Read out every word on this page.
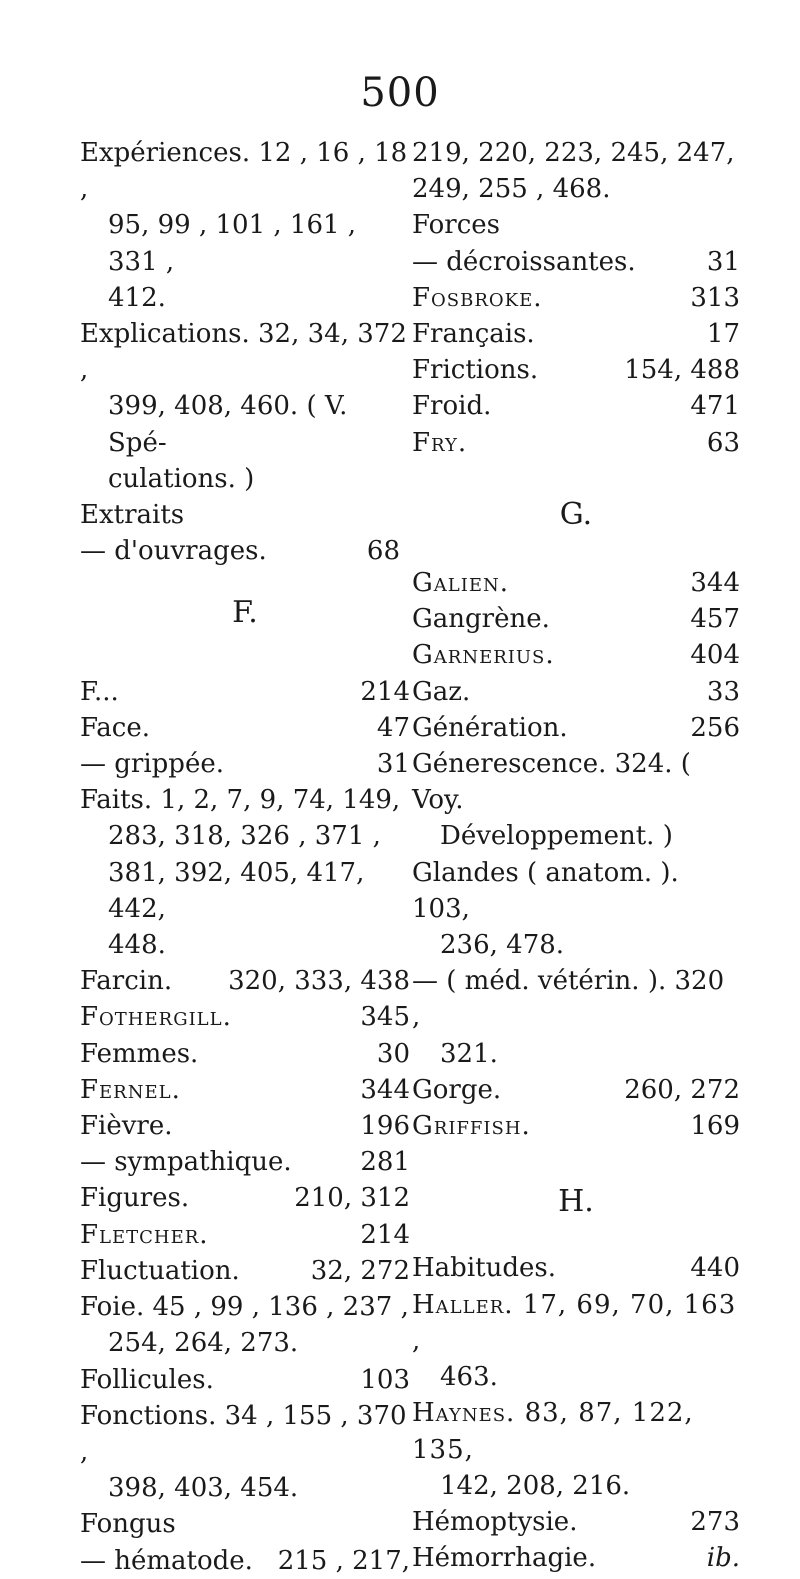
500
Expériences. 12 , 16 , 18 ,
95, 99 , 101 , 161 , 331 ,
412.
Explications. 32, 34, 372 ,
399, 408, 460. ( V. Spé-
culations. )
Extraits
— d'ouvrages.	68
F.
F...	214
Face.	47
— grippée.	31
Faits. 1, 2, 7, 9, 74, 149,
283, 318, 326 , 371 ,
381, 392, 405, 417, 442,
448.
Farcin. 320, 333, 438
Fothergill.	345
Femmes.	30
Fernel.	344
Fièvre.	196
— sympathique.	281
Figures.	210, 312
Fletcher.	214
Fluctuation.	32, 272
Foie. 45 , 99 , 136 , 237 ,
254, 264, 273.
Follicules.	103
Fonctions. 34 , 155 , 370 ,
398, 403, 454.
Fongus
— hématode. 215 , 217,
219, 220, 223, 245, 247,
249, 255 , 468.
Forces
— décroissantes.	31
Fosbroke.	313
Français.	17
Frictions.	154, 488
Froid.	471
Fry.	63
G.
Galien.	344
Gangrène.	457
Garnerius.	404
Gaz.	33
Génération.	256
Génerescence. 324. ( Voy.
Développement. )
Glandes ( anatom. ). 103,
236, 478.
— ( méd. vétérin. ). 320 ,
321.
Gorge.	260, 272
Griffish.	169
H.
Habitudes.	440
Haller. 17, 69, 70, 163 ,
463.
Haynes. 83, 87, 122, 135,
142, 208, 216.
Hémoptysie.	273
Hémorrhagie.	ib.
